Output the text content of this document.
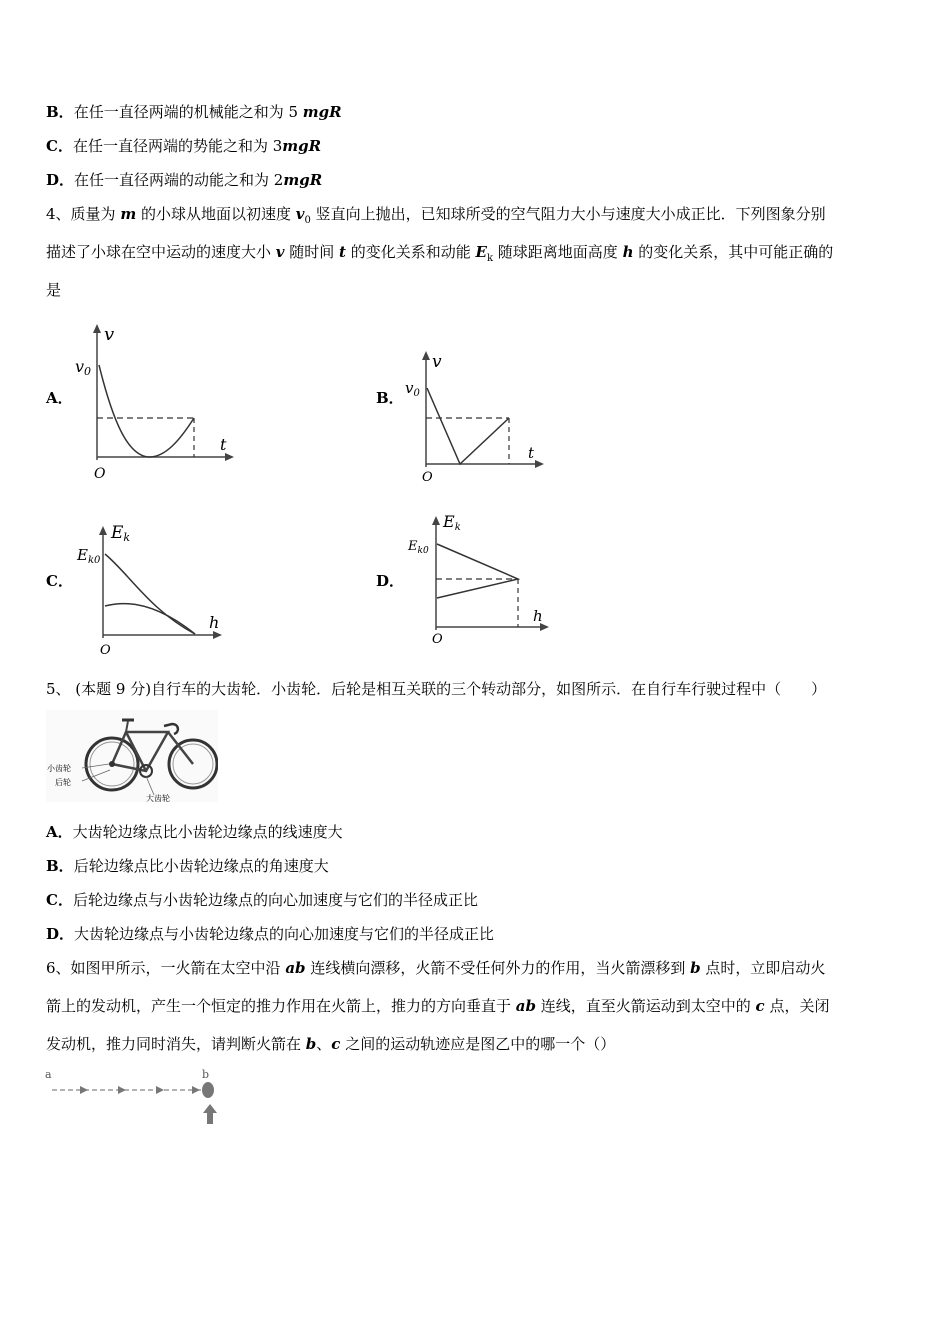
B．在任一直径两端的机械能之和为 5 mgR
C．在任一直径两端的势能之和为 3mgR
D．在任一直径两端的动能之和为 2mgR
4、质量为 m 的小球从地面以初速度 $v_0$ 竖直向上抛出，已知球所受的空气阻力大小与速度大小成正比．下列图象分别
描述了小球在空中运动的速度大小 v 随时间 t 的变化关系和动能 $E_k$ 随球距离地面高度 h 的变化关系，其中可能正确的
是
A．	B．
C．	D．
v
v0
t
O
v
$v_0$
t
O
Ek
$E_{k0}$
h
O
Ek
$E_{k0}$
h
O
5、 (本题 9 分)自行车的大齿轮．小齿轮．后轮是相互关联的三个转动部分，如图所示．在自行车行驶过程中（　　）
小齿轮
后轮
大齿轮
A．大齿轮边缘点比小齿轮边缘点的线速度大
B．后轮边缘点比小齿轮边缘点的角速度大
C．后轮边缘点与小齿轮边缘点的向心加速度与它们的半径成正比
D．大齿轮边缘点与小齿轮边缘点的向心加速度与它们的半径成正比
6、如图甲所示，一火箭在太空中沿 ab 连线横向漂移，火箭不受任何外力的作用，当火箭漂移到 b 点时，立即启动火
箭上的发动机，产生一个恒定的推力作用在火箭上，推力的方向垂直于 ab 连线，直至火箭运动到太空中的 c 点，关闭
发动机，推力同时消失，请判断火箭在 b、c 之间的运动轨迹应是图乙中的哪一个（）
a	b
